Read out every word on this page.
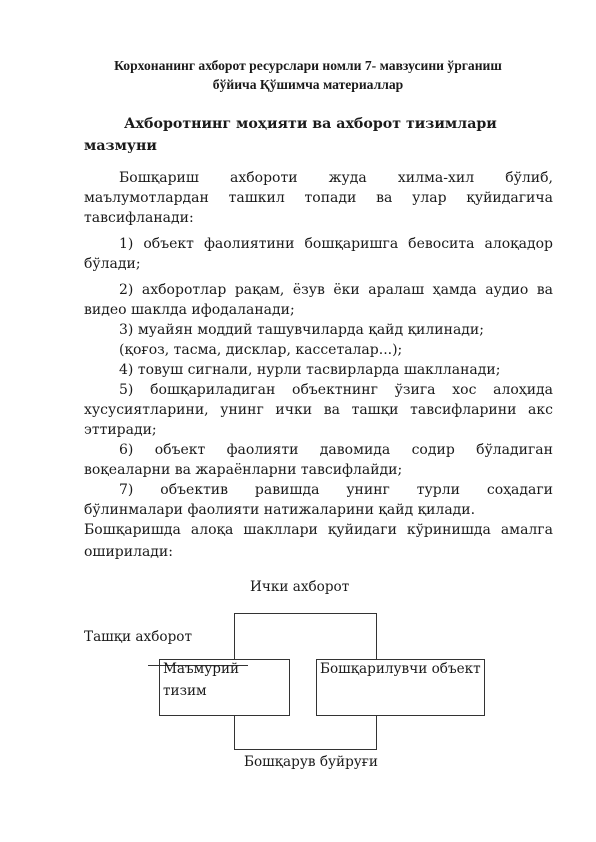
Корхонанинг ахборот ресурслари номли 7- мавзусини ўрганиш
бўйича Қўшимча материаллар
Ахборотнинг моҳияти ва ахборот тизимлари
мазмуни
Бошқариш ахбороти жуда хилма-хил бўлиб,
маълумотлардан ташкил топади ва улар қуйидагича
тавсифланади:
1) объект фаолиятини бошқаришга бевосита алоқадор
бўлади;
2) ахборотлар рақам, ёзув ёки аралаш ҳамда аудио ва
видео шаклда ифодаланади;
3) муайян моддий ташувчиларда қайд қилинади;
(қоғоз, тасма, дисклар, кассеталар...);
4) товуш сигнали, нурли тасвирларда шаклланади;
5) бошқариладиган объектнинг ўзига хос алоҳида
хусусиятларини, унинг ички ва ташқи тавсифларини акс
эттиради;
6) объект фаолияти давомида содир бўладиган
воқеаларни ва жараёнларни тавсифлайди;
7) объектив равишда унинг турли соҳадаги
бўлинмалари фаолияти натижаларини қайд қилади.
Бошқаришда алоқа шакллари қуйидаги кўринишда амалга
оширилади:
Ички ахборот
Ташқи ахборот
Маъмурий
тизим
Бошқарилувчи объект
Бошқарув буйруғи
